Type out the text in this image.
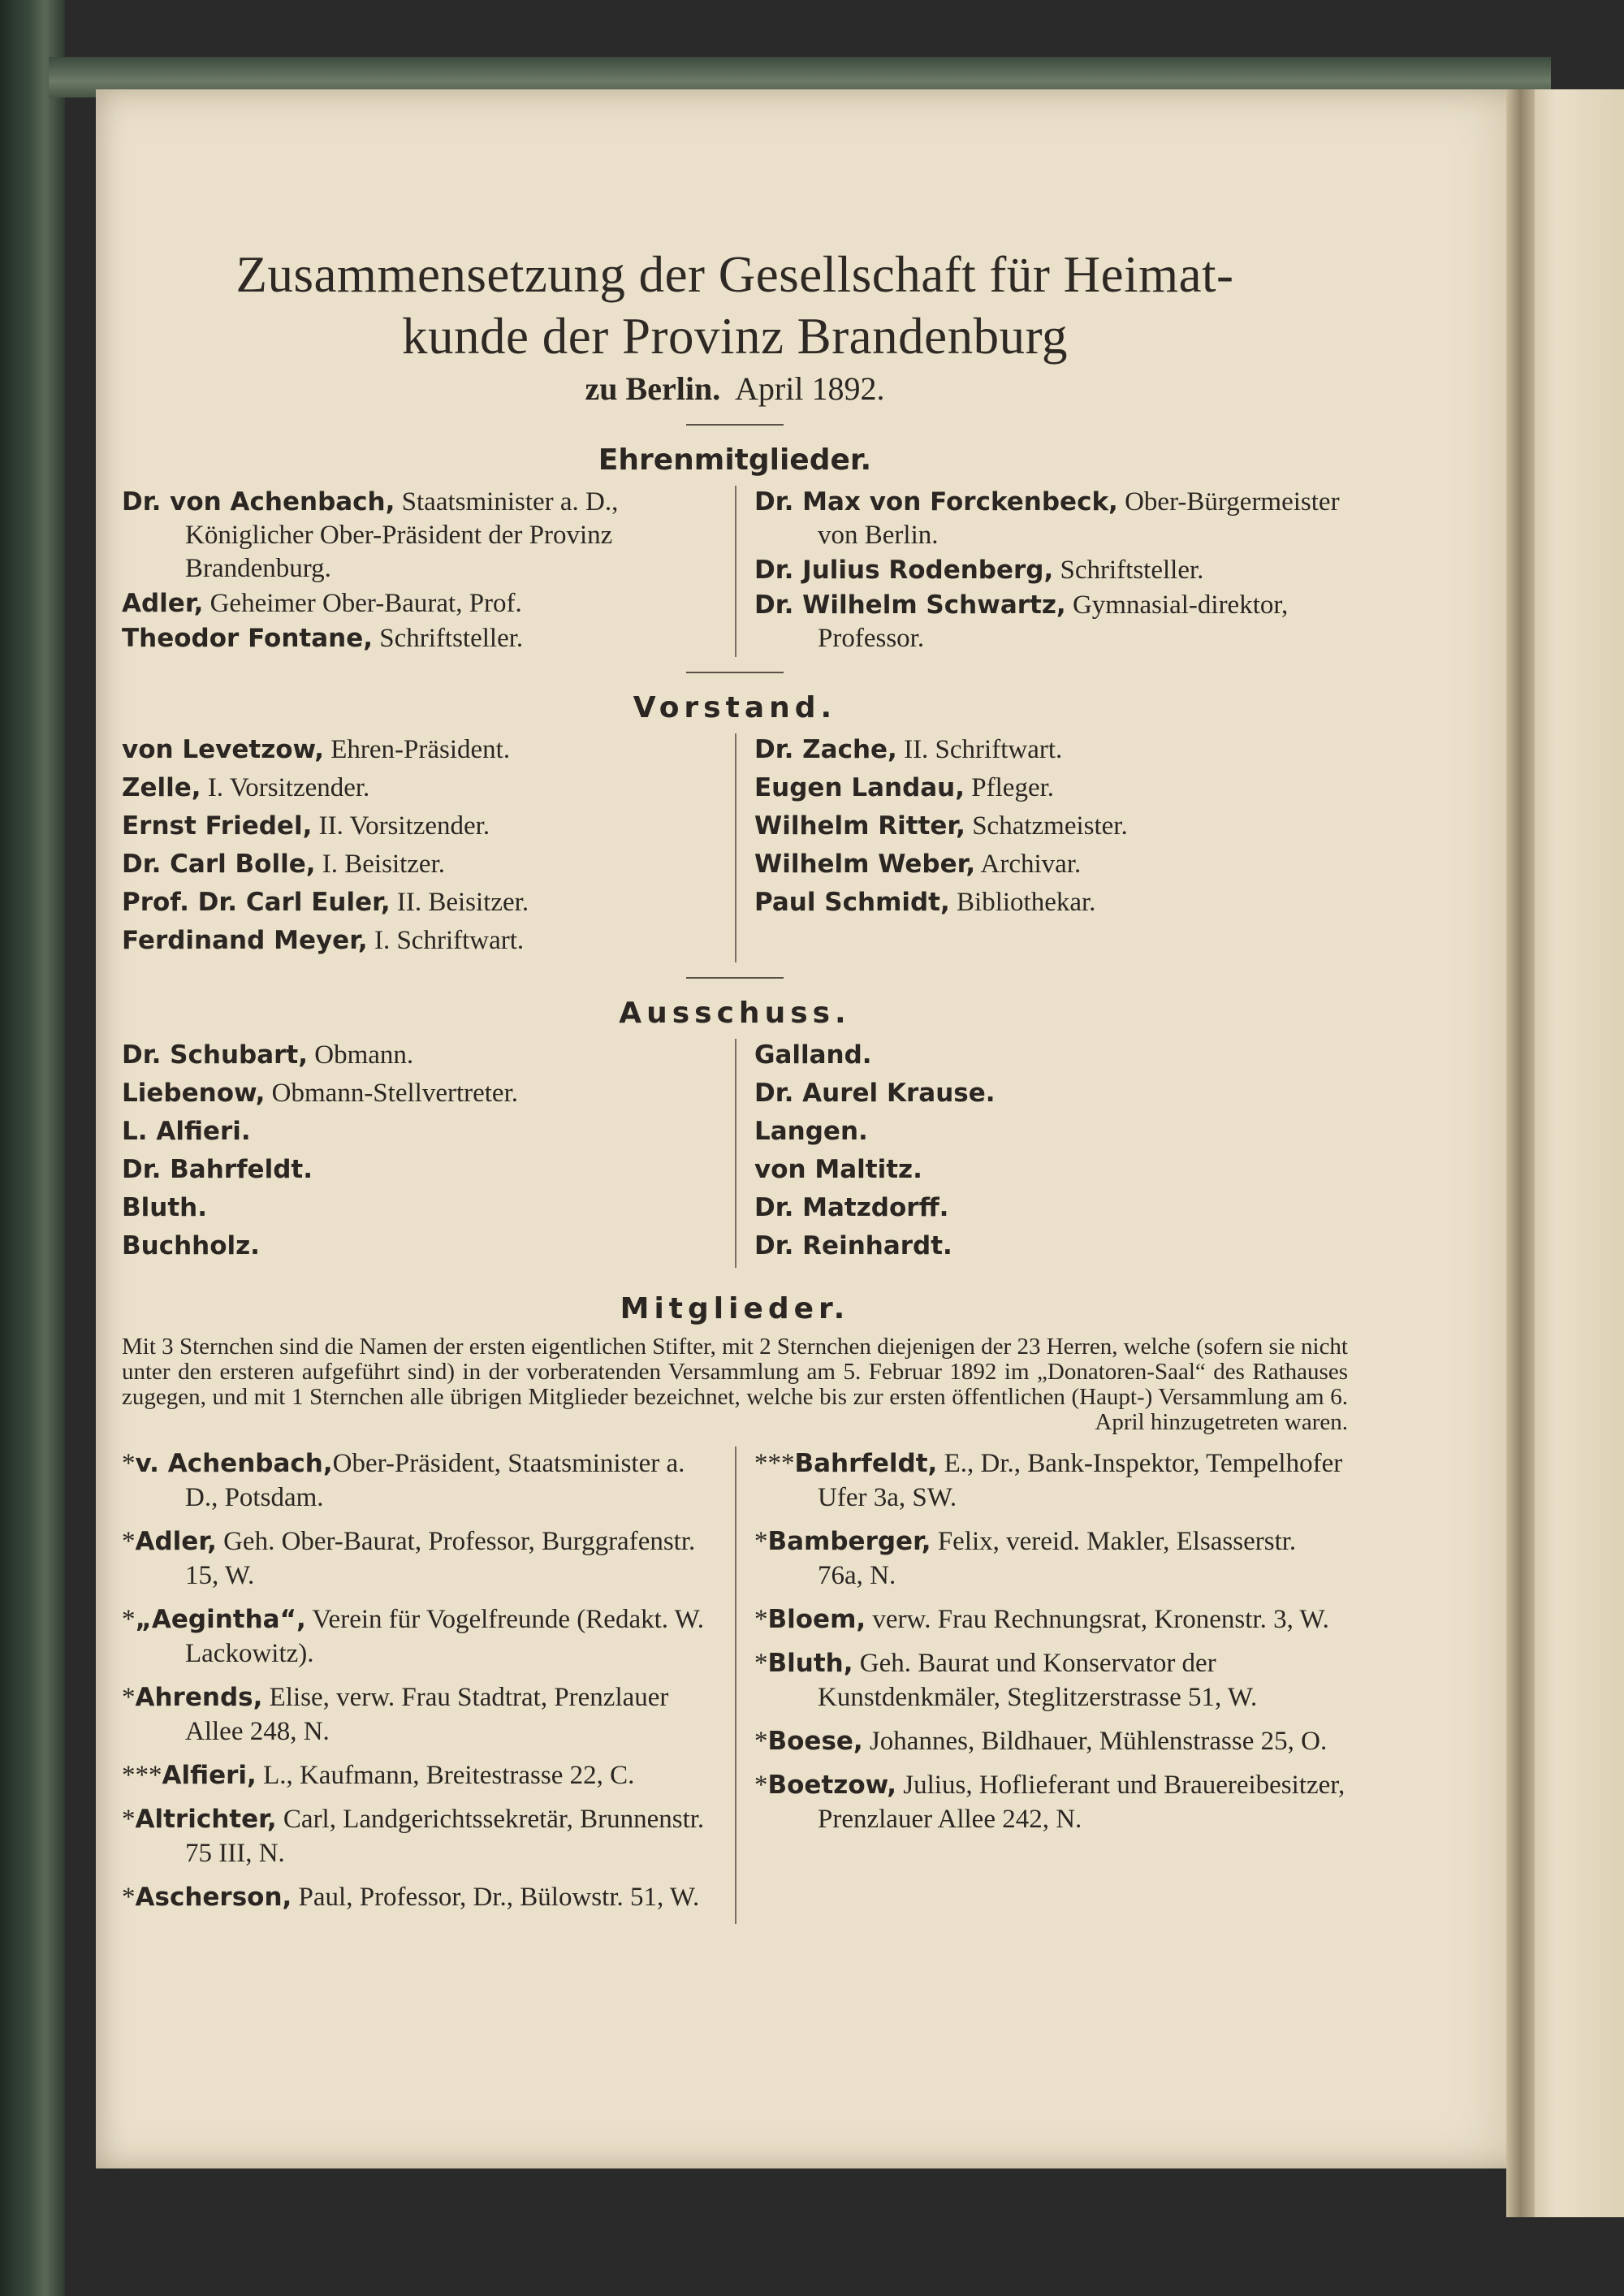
Zusammensetzung der Gesellschaft für Heimat-
kunde der Provinz Brandenburg
zu Berlin. April 1892.
Ehrenmitglieder.
Dr. von Achenbach, Staatsminister a. D., Königlicher Ober-Präsident der Provinz Brandenburg.
Adler, Geheimer Ober-Baurat, Prof.
Theodor Fontane, Schriftsteller.
Dr. Max von Forckenbeck, Ober-Bürgermeister von Berlin.
Dr. Julius Rodenberg, Schriftsteller.
Dr. Wilhelm Schwartz, Gymnasial-direktor, Professor.
Vorstand.
von Levetzow, Ehren-Präsident.
Zelle, I. Vorsitzender.
Ernst Friedel, II. Vorsitzender.
Dr. Carl Bolle, I. Beisitzer.
Prof. Dr. Carl Euler, II. Beisitzer.
Ferdinand Meyer, I. Schriftwart.
Dr. Zache, II. Schriftwart.
Eugen Landau, Pfleger.
Wilhelm Ritter, Schatzmeister.
Wilhelm Weber, Archivar.
Paul Schmidt, Bibliothekar.
Ausschuss.
Dr. Schubart, Obmann.
Liebenow, Obmann-Stellvertreter.
L. Alfieri.
Dr. Bahrfeldt.
Bluth.
Buchholz.
Galland.
Dr. Aurel Krause.
Langen.
von Maltitz.
Dr. Matzdorff.
Dr. Reinhardt.
Mitglieder.

Mit 3 Sternchen sind die Namen der ersten eigentlichen Stifter, mit 2 Sternchen diejenigen der 23 Herren, welche (sofern sie nicht unter den ersteren aufgeführt sind) in der vorberatenden Versammlung am 5. Februar 1892 im „Donatoren-Saal“ des Rathauses zugegen, und mit 1 Sternchen alle übrigen Mitglieder bezeichnet, welche bis zur ersten öffentlichen (Haupt-) Versammlung am 6. April hinzugetreten waren.

*v. Achenbach,Ober-Präsident, Staatsminister a. D., Potsdam.
*Adler, Geh. Ober-Baurat, Professor, Burggrafenstr. 15, W.
*„Aegintha“, Verein für Vogelfreunde (Redakt. W. Lackowitz).
*Ahrends, Elise, verw. Frau Stadtrat, Prenzlauer Allee 248, N.
***Alfieri, L., Kaufmann, Breitestrasse 22, C.
*Altrichter, Carl, Landgerichtssekretär, Brunnenstr. 75 III, N.
*Ascherson, Paul, Professor, Dr., Bülowstr. 51, W.
***Bahrfeldt, E., Dr., Bank-Inspektor, Tempelhofer Ufer 3a, SW.
*Bamberger, Felix, vereid. Makler, Elsasserstr. 76a, N.
*Bloem, verw. Frau Rechnungsrat, Kronenstr. 3, W.
*Bluth, Geh. Baurat und Konservator der Kunstdenkmäler, Steglitzerstrasse 51, W.
*Boese, Johannes, Bildhauer, Mühlenstrasse 25, O.
*Boetzow, Julius, Hoflieferant und Brauereibesitzer, Prenzlauer Allee 242, N.
